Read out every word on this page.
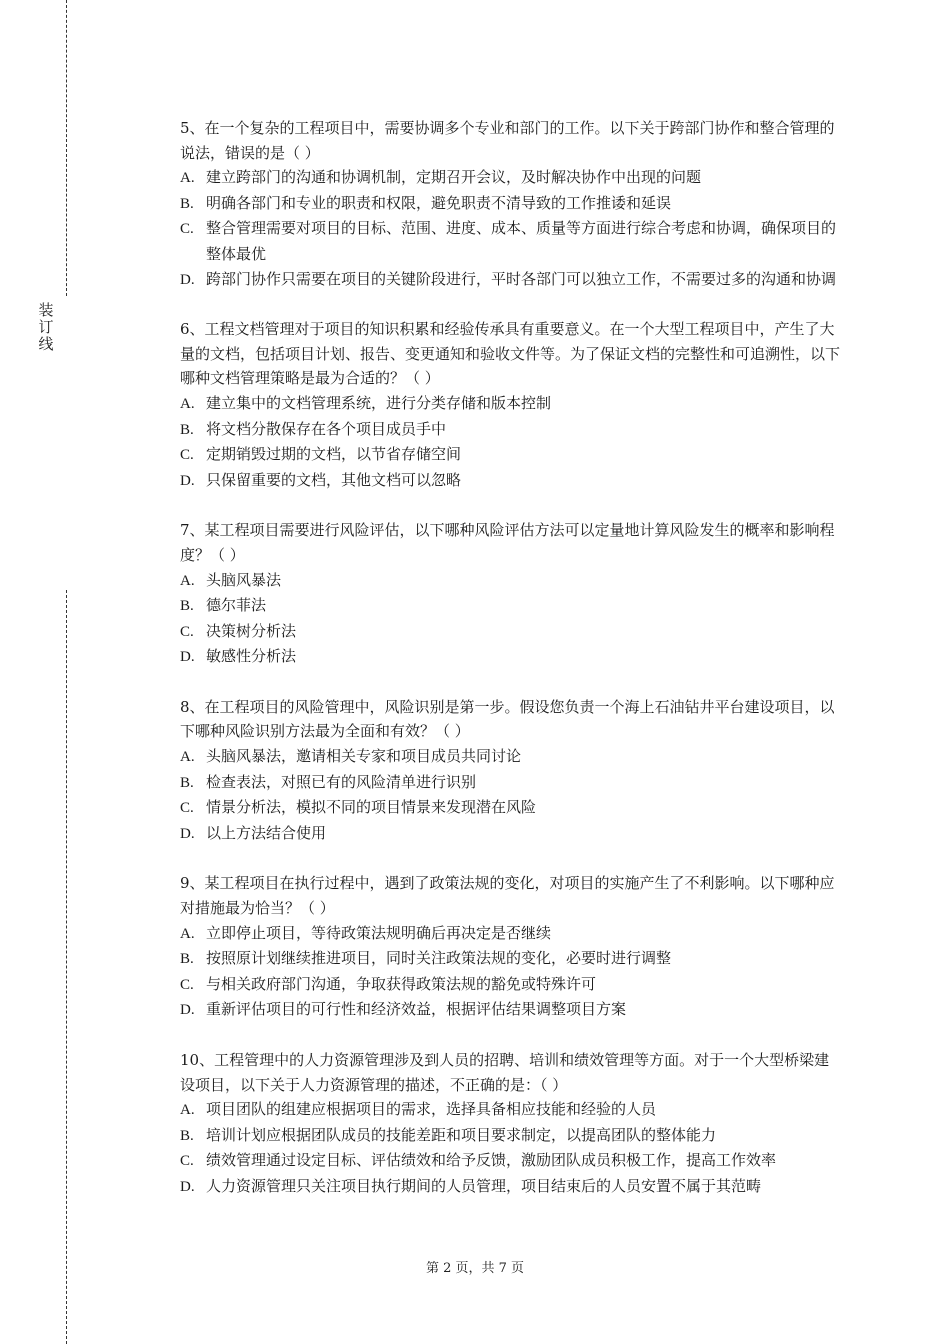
装
订
线

5、在一个复杂的工程项目中，需要协调多个专业和部门的工作。以下关于跨部门协作和整合管理的说法，错误的是（ ）

A. 建立跨部门的沟通和协调机制，定期召开会议，及时解决协作中出现的问题

B. 明确各部门和专业的职责和权限，避免职责不清导致的工作推诿和延误

C. 整合管理需要对项目的目标、范围、进度、成本、质量等方面进行综合考虑和协调，确保项目的整体最优

D. 跨部门协作只需要在项目的关键阶段进行，平时各部门可以独立工作，不需要过多的沟通和协调

6、工程文档管理对于项目的知识积累和经验传承具有重要意义。在一个大型工程项目中，产生了大量的文档，包括项目计划、报告、变更通知和验收文件等。为了保证文档的完整性和可追溯性，以下哪种文档管理策略是最为合适的？（ ）

A. 建立集中的文档管理系统，进行分类存储和版本控制

B. 将文档分散保存在各个项目成员手中

C. 定期销毁过期的文档，以节省存储空间

D. 只保留重要的文档，其他文档可以忽略

7、某工程项目需要进行风险评估，以下哪种风险评估方法可以定量地计算风险发生的概率和影响程度？（ ）

A. 头脑风暴法

B. 德尔菲法

C. 决策树分析法

D. 敏感性分析法

8、在工程项目的风险管理中，风险识别是第一步。假设您负责一个海上石油钻井平台建设项目，以下哪种风险识别方法最为全面和有效？（ ）

A. 头脑风暴法，邀请相关专家和项目成员共同讨论

B. 检查表法，对照已有的风险清单进行识别

C. 情景分析法，模拟不同的项目情景来发现潜在风险

D. 以上方法结合使用

9、某工程项目在执行过程中，遇到了政策法规的变化，对项目的实施产生了不利影响。以下哪种应对措施最为恰当？（ ）

A. 立即停止项目，等待政策法规明确后再决定是否继续

B. 按照原计划继续推进项目，同时关注政策法规的变化，必要时进行调整

C. 与相关政府部门沟通，争取获得政策法规的豁免或特殊许可

D. 重新评估项目的可行性和经济效益，根据评估结果调整项目方案

10、工程管理中的人力资源管理涉及到人员的招聘、培训和绩效管理等方面。对于一个大型桥梁建设项目，以下关于人力资源管理的描述，不正确的是：（ ）

A. 项目团队的组建应根据项目的需求，选择具备相应技能和经验的人员

B. 培训计划应根据团队成员的技能差距和项目要求制定，以提高团队的整体能力

C. 绩效管理通过设定目标、评估绩效和给予反馈，激励团队成员积极工作，提高工作效率

D. 人力资源管理只关注项目执行期间的人员管理，项目结束后的人员安置不属于其范畴

第 2 页，共 7 页
